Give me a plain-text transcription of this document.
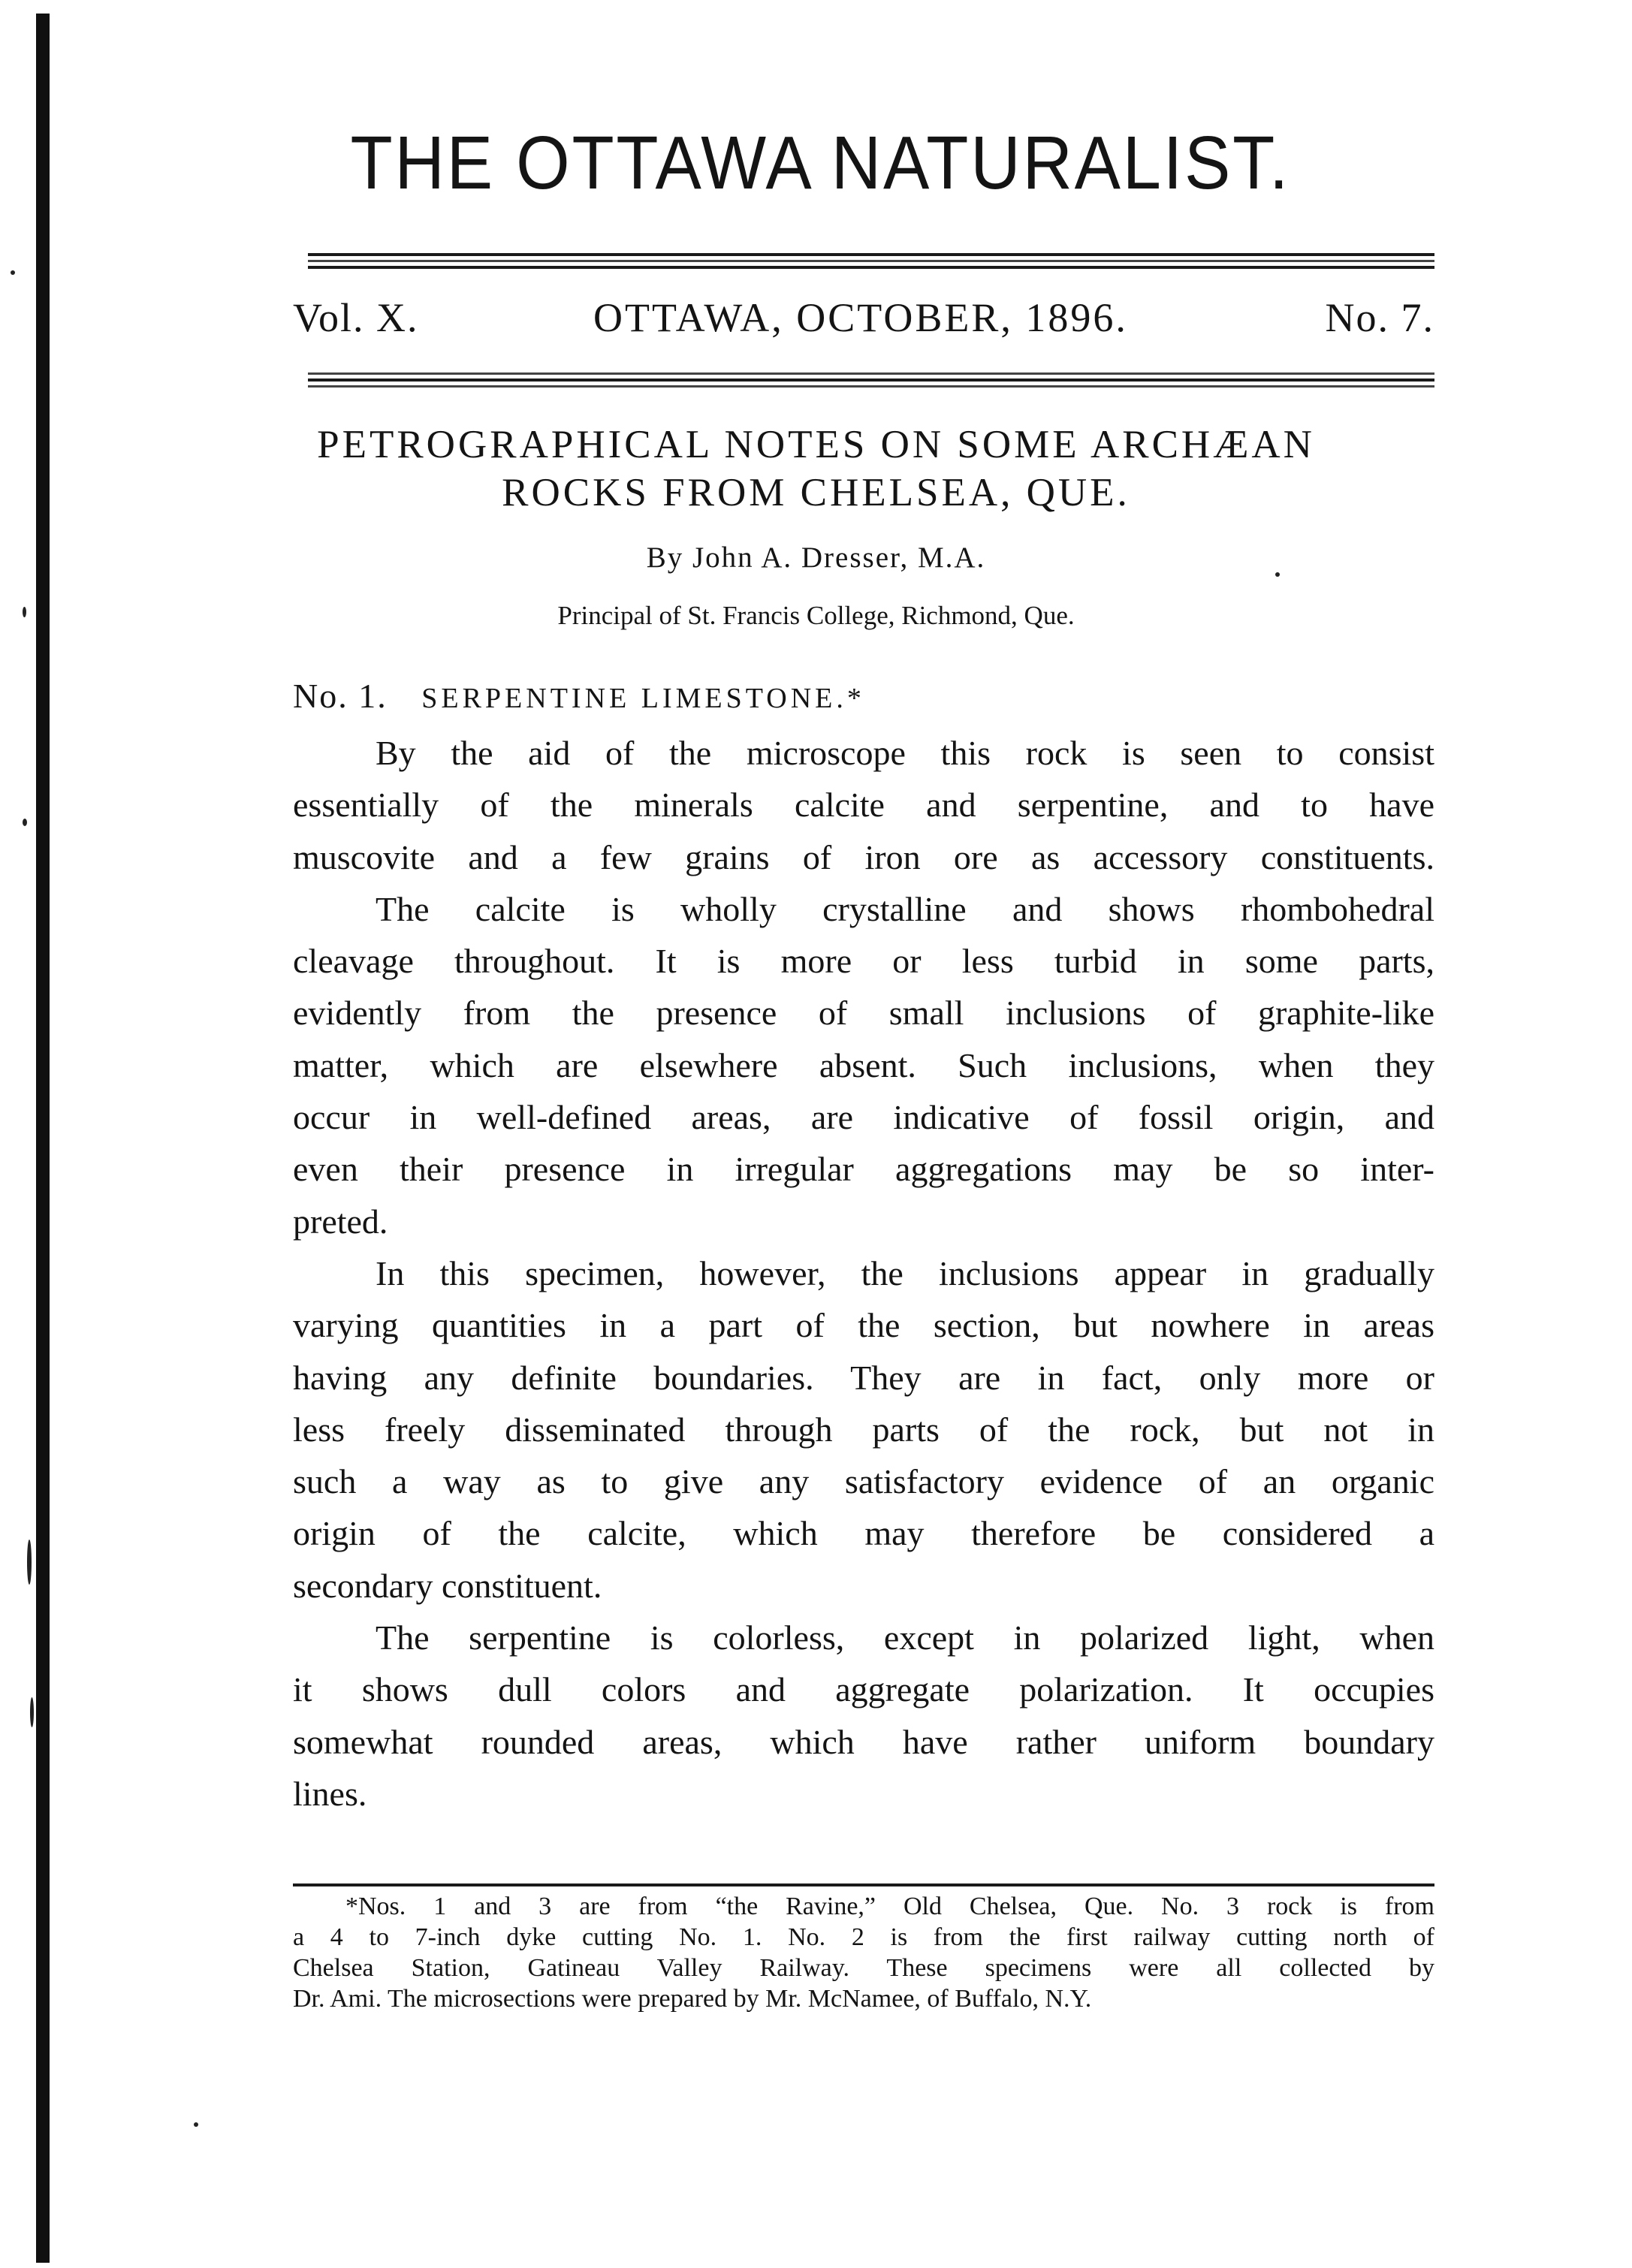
THE OTTAWA NATURALIST.
Vol. X.	OTTAWA, OCTOBER, 1896.	No. 7.
PETROGRAPHICAL NOTES ON SOME ARCHÆAN
ROCKS FROM CHELSEA, QUE.
By John A. Dresser, M.A.
Principal of St. Francis College, Richmond, Que.
No. 1. SERPENTINE LIMESTONE.*
By the aid of the microscope this rock is seen to consist
essentially of the minerals calcite and serpentine, and to have
muscovite and a few grains of iron ore as accessory constituents.
The calcite is wholly crystalline and shows rhombohedral
cleavage throughout. It is more or less turbid in some parts,
evidently from the presence of small inclusions of graphite-like
matter, which are elsewhere absent. Such inclusions, when they
occur in well-defined areas, are indicative of fossil origin, and
even their presence in irregular aggregations may be so inter-
preted.
In this specimen, however, the inclusions appear in gradually
varying quantities in a part of the section, but nowhere in areas
having any definite boundaries. They are in fact, only more or
less freely disseminated through parts of the rock, but not in
such a way as to give any satisfactory evidence of an organic
origin of the calcite, which may therefore be considered a
secondary constituent.
The serpentine is colorless, except in polarized light, when
it shows dull colors and aggregate polarization. It occupies
somewhat rounded areas, which have rather uniform boundary
lines.
*Nos. 1 and 3 are from “the Ravine,” Old Chelsea, Que. No. 3 rock is from
a 4 to 7-inch dyke cutting No. 1. No. 2 is from the first railway cutting north of
Chelsea Station, Gatineau Valley Railway. These specimens were all collected by
Dr. Ami. The microsections were prepared by Mr. McNamee, of Buffalo, N.Y.
